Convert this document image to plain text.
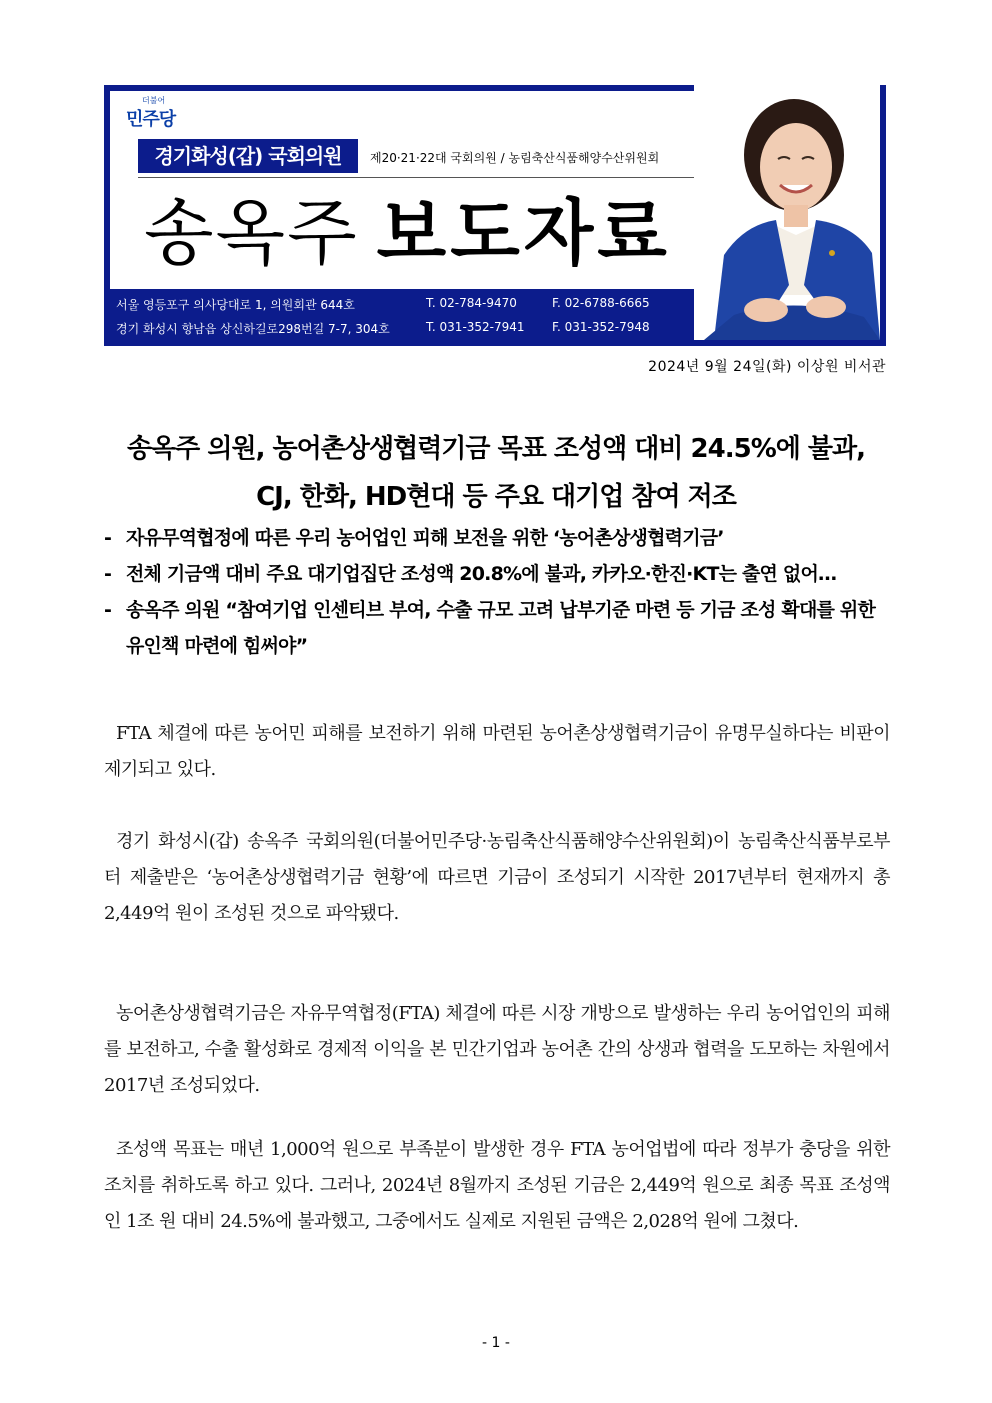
더불어
민주당
경기화성(갑) 국회의원	제20·21·22대 국회의원 / 농림축산식품해양수산위원회
송옥주 보도자료
서울 영등포구 의사당대로 1, 의원회관 644호	T. 02-784-9470	F. 02-6788-6665
경기 화성시 향남읍 상신하길로298번길 7-7, 304호	T. 031-352-7941 F. 031-352-7948
2024년 9월 24일(화) 이상원 비서관
송옥주 의원, 농어촌상생협력기금 목표 조성액 대비 24.5%에 불과,
CJ, 한화, HD현대 등 주요 대기업 참여 저조
- 자유무역협정에 따른 우리 농어업인 피해 보전을 위한 ‘농어촌상생협력기금’
- 전체 기금액 대비 주요 대기업집단 조성액 20.8%에 불과, 카카오·한진·KT는 출연 없어…
- 송옥주 의원 “참여기업 인센티브 부여, 수출 규모 고려 납부기준 마련 등 기금 조성 확대를 위한 유인책 마련에 힘써야”

FTA 체결에 따른 농어민 피해를 보전하기 위해 마련된 농어촌상생협력기금이 유명무실하다는 비판이 제기되고 있다.

경기 화성시(갑) 송옥주 국회의원(더불어민주당·농림축산식품해양수산위원회)이 농림축산식품부로부터 제출받은 ‘농어촌상생협력기금 현황’에 따르면 기금이 조성되기 시작한 2017년부터 현재까지 총 2,449억 원이 조성된 것으로 파악됐다.

농어촌상생협력기금은 자유무역협정(FTA) 체결에 따른 시장 개방으로 발생하는 우리 농어업인의 피해를 보전하고, 수출 활성화로 경제적 이익을 본 민간기업과 농어촌 간의 상생과 협력을 도모하는 차원에서 2017년 조성되었다.

조성액 목표는 매년 1,000억 원으로 부족분이 발생한 경우 FTA 농어업법에 따라 정부가 충당을 위한 조치를 취하도록 하고 있다. 그러나, 2024년 8월까지 조성된 기금은 2,449억 원으로 최종 목표 조성액인 1조 원 대비 24.5%에 불과했고, 그중에서도 실제로 지원된 금액은 2,028억 원에 그쳤다.

- 1 -
